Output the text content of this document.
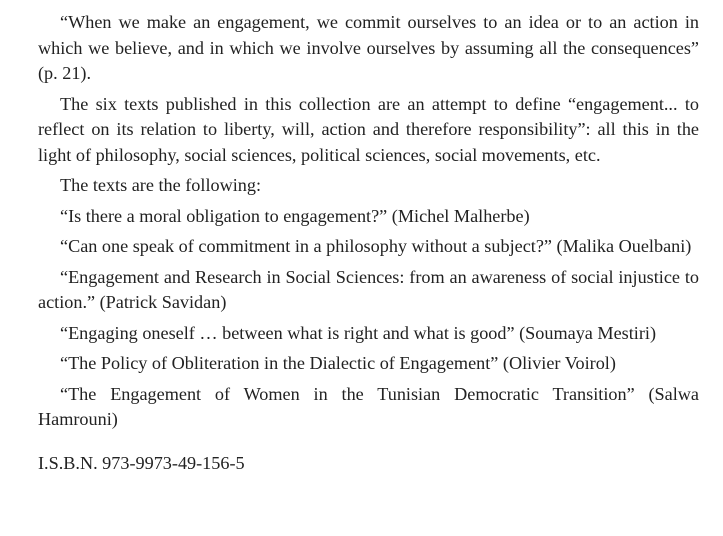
“When we make an engagement, we commit ourselves to an idea or to an action in which we believe, and in which we involve ourselves by assuming all the consequences” (p. 21).

The six texts published in this collection are an attempt to define “engagement... to reflect on its relation to liberty, will, action and therefore responsibility”: all this in the light of philosophy, social sciences, political sciences, social movements, etc.

The texts are the following:

“Is there a moral obligation to engagement?” (Michel Malherbe)

“Can one speak of commitment in a philosophy without a subject?” (Malika Ouelbani)

“Engagement and Research in Social Sciences: from an awareness of social injustice to action.” (Patrick Savidan)

“Engaging oneself … between what is right and what is good” (Soumaya Mestiri)

“The Policy of Obliteration in the Dialectic of Engagement” (Olivier Voirol)

“The Engagement of Women in the Tunisian Democratic Transition” (Salwa Hamrouni)

I.S.B.N. 973-9973-49-156-5
